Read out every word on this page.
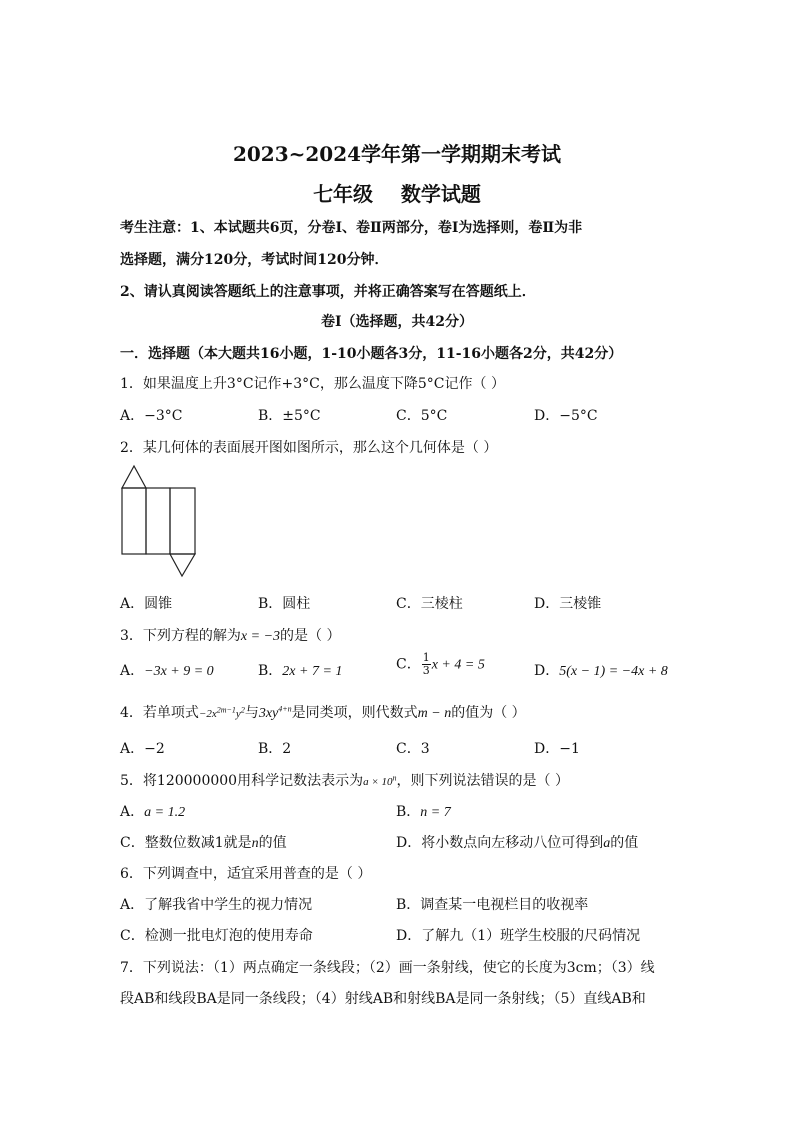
2023~2024学年第一学期期末考试
七年级    数学试题
考生注意：1、本试题共6页，分卷Ⅰ、卷Ⅱ两部分，卷Ⅰ为选择则，卷Ⅱ为非
选择题，满分120分，考试时间120分钟．
2、请认真阅读答题纸上的注意事项，并将正确答案写在答题纸上．
卷Ⅰ（选择题，共42分）
一．选择题（本大题共16小题，1-10小题各3分，11-16小题各2分，共42分）
1．如果温度上升3°C记作+3°C，那么温度下降5°C记作（ ）
A．−3°C	B．±5°C	C．5°C	D．−5°C
2．某几何体的表面展开图如图所示，那么这个几何体是（ ）
A．圆锥	B．圆柱	C．三棱柱	D．三棱锥
3．下列方程的解为x = −3的是（ ）
A．−3x + 9 = 0	B．2x + 7 = 1	C． $\frac{1}{3}$ x + 4 = 5	D．5(x − 1) = −4x + 8
4．若单项式$-2x^{2m-1}y^2$与$3xy^{4+n}$是同类项，则代数式m − n的值为（ ）
A．−2	B．2	C．3	D．−1
5．将120000000用科学记数法表示为$a \times 10^n$，则下列说法错误的是（ ）
A．a = 1.2	B．n = 7
C．整数位数减1就是n的值	D．将小数点向左移动八位可得到a的值
6．下列调查中，适宜采用普查的是（ ）
A．了解我省中学生的视力情况	B．调查某一电视栏目的收视率
C．检测一批电灯泡的使用寿命	D．了解九（1）班学生校服的尺码情况
7．下列说法：（1）两点确定一条线段；（2）画一条射线，使它的长度为3cm；（3）线
段AB和线段BA是同一条线段；（4）射线AB和射线BA是同一条射线；（5）直线AB和
